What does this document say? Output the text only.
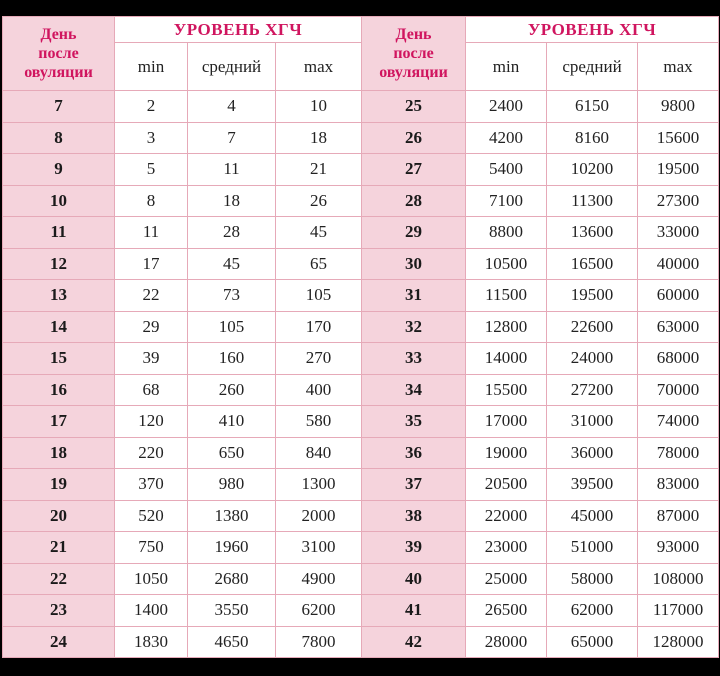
День
после
овуляции	УРОВЕНЬ ХГЧ			День
после
овуляции	УРОВЕНЬ ХГЧ		
	min	средний	max		min	средний	max
7	2	4	10	25	2400	6150	9800
8	3	7	18	26	4200	8160	15600
9	5	11	21	27	5400	10200	19500
10	8	18	26	28	7100	11300	27300
11	11	28	45	29	8800	13600	33000
12	17	45	65	30	10500	16500	40000
13	22	73	105	31	11500	19500	60000
14	29	105	170	32	12800	22600	63000
15	39	160	270	33	14000	24000	68000
16	68	260	400	34	15500	27200	70000
17	120	410	580	35	17000	31000	74000
18	220	650	840	36	19000	36000	78000
19	370	980	1300	37	20500	39500	83000
20	520	1380	2000	38	22000	45000	87000
21	750	1960	3100	39	23000	51000	93000
22	1050	2680	4900	40	25000	58000	108000
23	1400	3550	6200	41	26500	62000	117000
24	1830	4650	7800	42	28000	65000	128000
